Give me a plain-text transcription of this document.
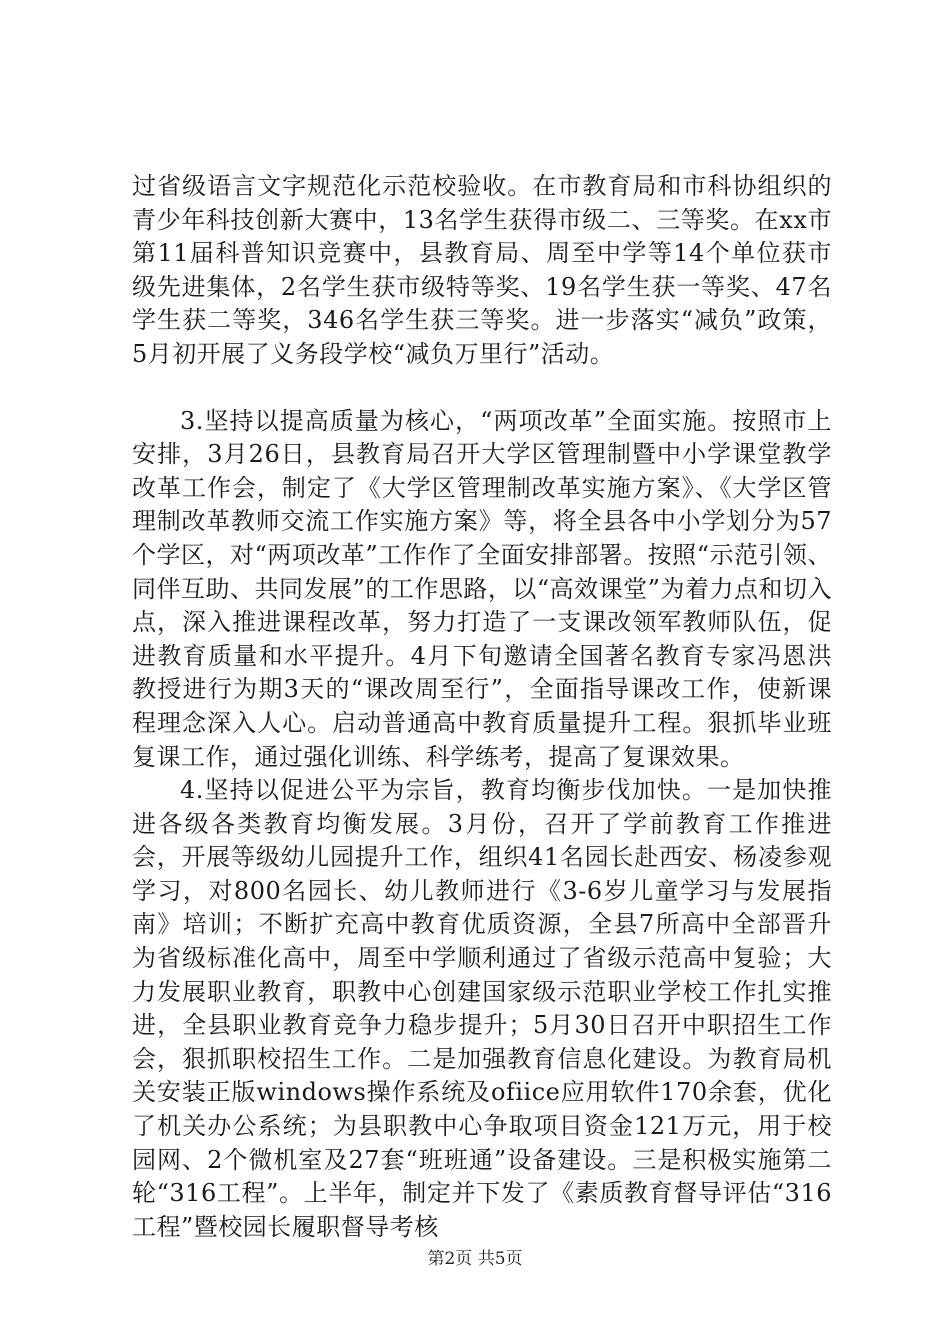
过省级语言文字规范化示范校验收。在市教育局和市科协组织的青少年科技创新大赛中，13名学生获得市级二、三等奖。在xx市第11届科普知识竞赛中，县教育局、周至中学等14个单位获市级先进集体，2名学生获市级特等奖、19名学生获一等奖、47名学生获二等奖，346名学生获三等奖。进一步落实“减负”政策，5月初开展了义务段学校“减负万里行”活动。

3.坚持以提高质量为核心，“两项改革”全面实施。按照市上安排，3月26日，县教育局召开大学区管理制暨中小学课堂教学改革工作会，制定了《大学区管理制改革实施方案》、《大学区管理制改革教师交流工作实施方案》等，将全县各中小学划分为57个学区，对“两项改革”工作作了全面安排部署。按照“示范引领、同伴互助、共同发展”的工作思路，以“高效课堂”为着力点和切入点，深入推进课程改革，努力打造了一支课改领军教师队伍，促进教育质量和水平提升。4月下旬邀请全国著名教育专家冯恩洪教授进行为期3天的“课改周至行”，全面指导课改工作，使新课程理念深入人心。启动普通高中教育质量提升工程。狠抓毕业班复课工作，通过强化训练、科学练考，提高了复课效果。

4.坚持以促进公平为宗旨，教育均衡步伐加快。一是加快推进各级各类教育均衡发展。3月份，召开了学前教育工作推进会，开展等级幼儿园提升工作，组织41名园长赴西安、杨凌参观学习，对800名园长、幼儿教师进行《3-6岁儿童学习与发展指南》培训；不断扩充高中教育优质资源，全县7所高中全部晋升为省级标准化高中，周至中学顺利通过了省级示范高中复验；大力发展职业教育，职教中心创建国家级示范职业学校工作扎实推进，全县职业教育竞争力稳步提升；5月30日召开中职招生工作会，狠抓职校招生工作。二是加强教育信息化建设。为教育局机关安装正版windows操作系统及ofiice应用软件170余套，优化了机关办公系统；为县职教中心争取项目资金121万元，用于校园网、2个微机室及27套“班班通”设备建设。三是积极实施第二轮“316工程”。上半年，制定并下发了《素质教育督导评估“316工程”暨校园长履职督导考核

第2页 共5页
